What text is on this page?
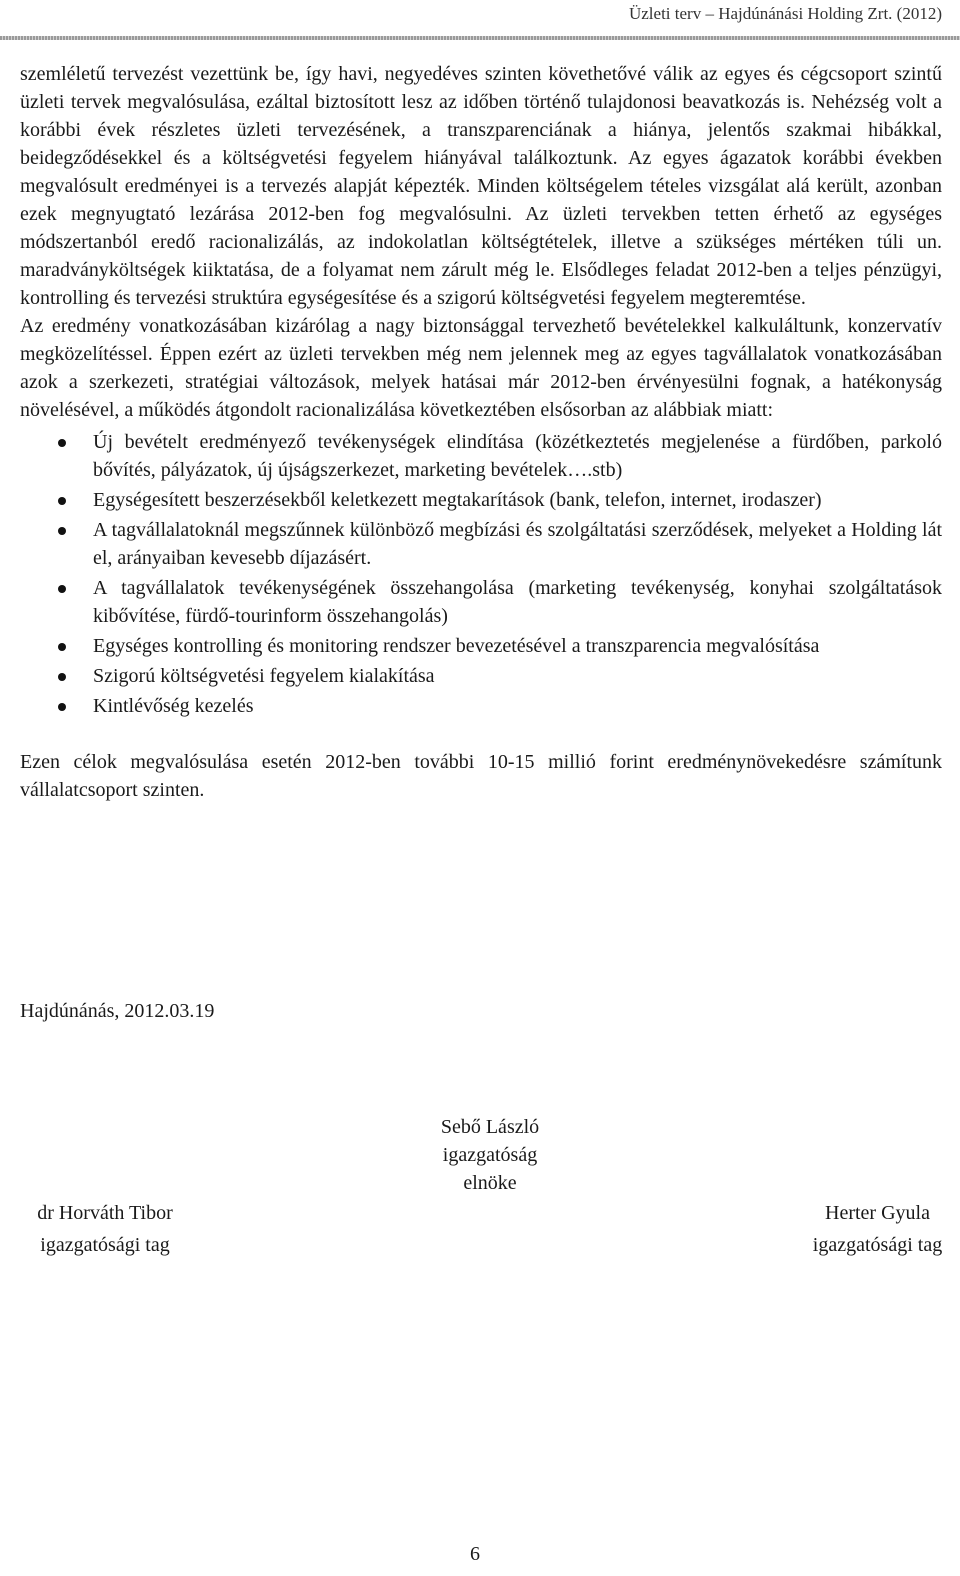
Üzleti terv – Hajdúnánási Holding Zrt. (2012)

szemléletű tervezést vezettünk be, így havi, negyedéves szinten követhetővé válik az egyes és cégcsoport szintű üzleti tervek megvalósulása, ezáltal biztosított lesz az időben történő tulajdonosi beavatkozás is. Nehézség volt a korábbi évek részletes üzleti tervezésének, a transzparenciának a hiánya, jelentős szakmai hibákkal, beidegződésekkel és a költségvetési fegyelem hiányával találkoztunk. Az egyes ágazatok korábbi években megvalósult eredményei is a tervezés alapját képezték. Minden költségelem tételes vizsgálat alá került, azonban ezek megnyugtató lezárása 2012-ben fog megvalósulni. Az üzleti tervekben tetten érhető az egységes módszertanból eredő racionalizálás, az indokolatlan költségtételek, illetve a szükséges mértéken túli un. maradványköltségek kiiktatása, de a folyamat nem zárult még le. Elsődleges feladat 2012-ben a teljes pénzügyi, kontrolling és tervezési struktúra egységesítése és a szigorú költségvetési fegyelem megteremtése.

Az eredmény vonatkozásában kizárólag a nagy biztonsággal tervezhető bevételekkel kalkuláltunk, konzervatív megközelítéssel. Éppen ezért az üzleti tervekben még nem jelennek meg az egyes tagvállalatok vonatkozásában azok a szerkezeti, stratégiai változások, melyek hatásai már 2012-ben érvényesülni fognak, a hatékonyság növelésével, a működés átgondolt racionalizálása következtében elsősorban az alábbiak miatt:

Új bevételt eredményező tevékenységek elindítása (közétkeztetés megjelenése a fürdőben, parkoló bővítés, pályázatok, új újságszerkezet, marketing bevételek….stb)
Egységesített beszerzésekből keletkezett megtakarítások (bank, telefon, internet, irodaszer)
A tagvállalatoknál megszűnnek különböző megbízási és szolgáltatási szerződések, melyeket a Holding lát el, arányaiban kevesebb díjazásért.
A tagvállalatok tevékenységének összehangolása (marketing tevékenység, konyhai szolgáltatások kibővítése, fürdő-tourinform összehangolás)
Egységes kontrolling és monitoring rendszer bevezetésével a transzparencia megvalósítása
Szigorú költségvetési fegyelem kialakítása
Kintlévőség kezelés

Ezen célok megvalósulása esetén 2012-ben további 10-15 millió forint eredménynövekedésre számítunk vállalatcsoport szinten.

Hajdúnánás, 2012.03.19
Sebő László
igazgatóság
elnöke
dr Horváth Tibor
igazgatósági tag
Herter Gyula
igazgatósági tag
6
